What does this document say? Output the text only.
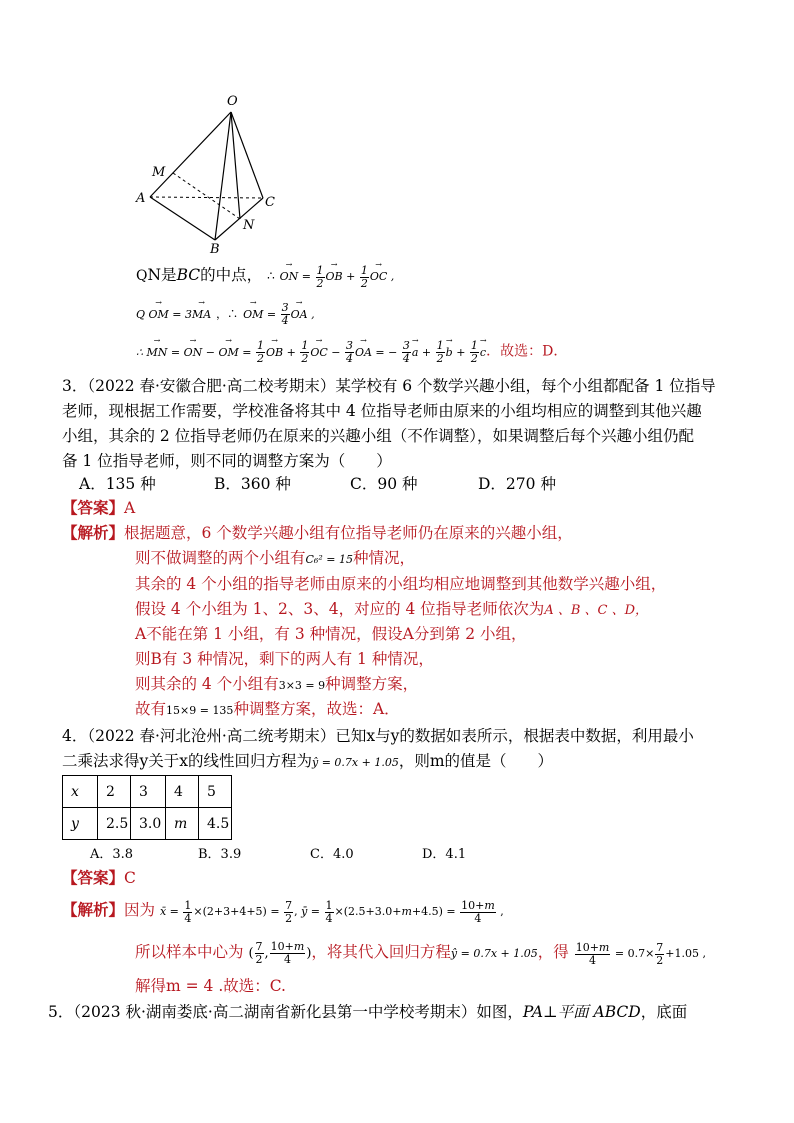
O
M
A	C
N
B
QN是BC的中点， ∴ → ON = $\frac{1}{2}$ → OB + $\frac{1}{2}$ → OC ,
Q → OM = 3→ MA ，∴ → OM = $\frac{3}{4}$ → OA ,
∴ → MN = → ON − → OM = $\frac{1}{2}$ → OB + $\frac{1}{2}$ → OC − $\frac{3}{4}$ → OA = − $\frac{3}{4} \to a + \frac{1}{2} \to b + \frac{1}{2} \to c$．故选：D．
3．（2022 春·安徽合肥·高二校考期末）某学校有 6 个数学兴趣小组，每个小组都配备 1 位指导
老师，现根据工作需要，学校准备将其中 4 位指导老师由原来的小组均相应的调整到其他兴趣
小组，其余的 2 位指导老师仍在原来的兴趣小组（不作调整），如果调整后每个兴趣小组仍配
备 1 位指导老师，则不同的调整方案为（　　）
A．135 种	B．360 种	C．90 种	D．270 种
【答案】A
【解析】根据题意，6 个数学兴趣小组有位指导老师仍在原来的兴趣小组，
则不做调整的两个小组有C₆² = 15种情况，
其余的 4 个小组的指导老师由原来的小组均相应地调整到其他数学兴趣小组，
假设 4 个小组为 1、2、3、4，对应的 4 位指导老师依次为A 、B 、C 、D，
A不能在第 1 小组，有 3 种情况，假设A分到第 2 小组，
则B有 3 种情况，剩下的两人有 1 种情况，
则其余的 4 个小组有3×3 = 9种调整方案，
故有15×9 = 135种调整方案，故选：A．
4．（2022 春·河北沧州·高二统考期末）已知x与y的数据如表所示，根据表中数据，利用最小
二乘法求得y关于x的线性回归方程为ŷ = 0.7x + 1.05，则m的值是（　　）
x	2	3	4	5
y	2.5	3.0	m	4.5
A．3.8	B．3.9	C．4.0	D．4.1
【答案】C
【解析】因为 x̄ = $\frac{1}{4} \times(2+3+4+5) = \frac{7}{2}$ , ȳ = $\frac{1}{4} \times(2.5+3.0+m+4.5) = \frac{10+m}{4}$ ,
所以样本中心为 ( $\frac{7}{2}$ , $\frac{10+m}{4}$ )，将其代入回归方程ŷ = 0.7x + 1.05，得 $\frac{10+m}{4} = 0.7\times \frac{7}{2} +1.05$ ,
解得m = 4 .故选：C.
5．（2023 秋·湖南娄底·高二湖南省新化县第一中学校考期末）如图，PA⊥平面 ABCD，底面
